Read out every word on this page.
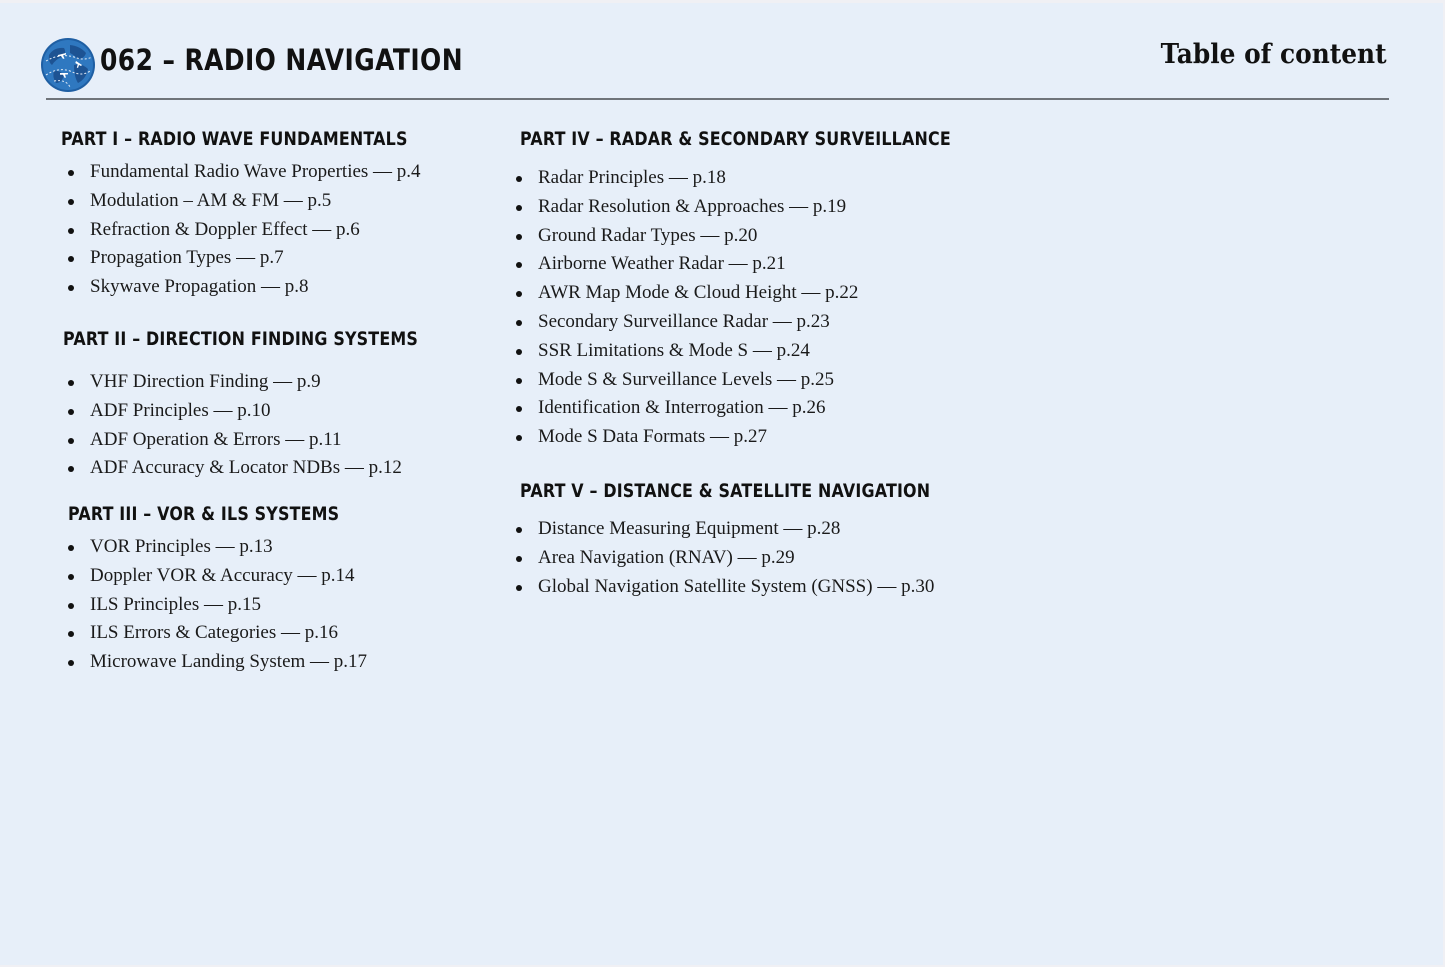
062 – RADIO NAVIGATION	Table of content
PART I – RADIO WAVE FUNDAMENTALS
Fundamental Radio Wave Properties — p.4
Modulation – AM & FM — p.5
Refraction & Doppler Effect — p.6
Propagation Types — p.7
Skywave Propagation — p.8
PART II – DIRECTION FINDING SYSTEMS
VHF Direction Finding — p.9
ADF Principles — p.10
ADF Operation & Errors — p.11
ADF Accuracy & Locator NDBs — p.12
PART III – VOR & ILS SYSTEMS
VOR Principles — p.13
Doppler VOR & Accuracy — p.14
ILS Principles — p.15
ILS Errors & Categories — p.16
Microwave Landing System — p.17
PART IV – RADAR & SECONDARY SURVEILLANCE
Radar Principles — p.18
Radar Resolution & Approaches — p.19
Ground Radar Types — p.20
Airborne Weather Radar — p.21
AWR Map Mode & Cloud Height — p.22
Secondary Surveillance Radar — p.23
SSR Limitations & Mode S — p.24
Mode S & Surveillance Levels — p.25
Identification & Interrogation — p.26
Mode S Data Formats — p.27
PART V – DISTANCE & SATELLITE NAVIGATION
Distance Measuring Equipment — p.28
Area Navigation (RNAV) — p.29
Global Navigation Satellite System (GNSS) — p.30
